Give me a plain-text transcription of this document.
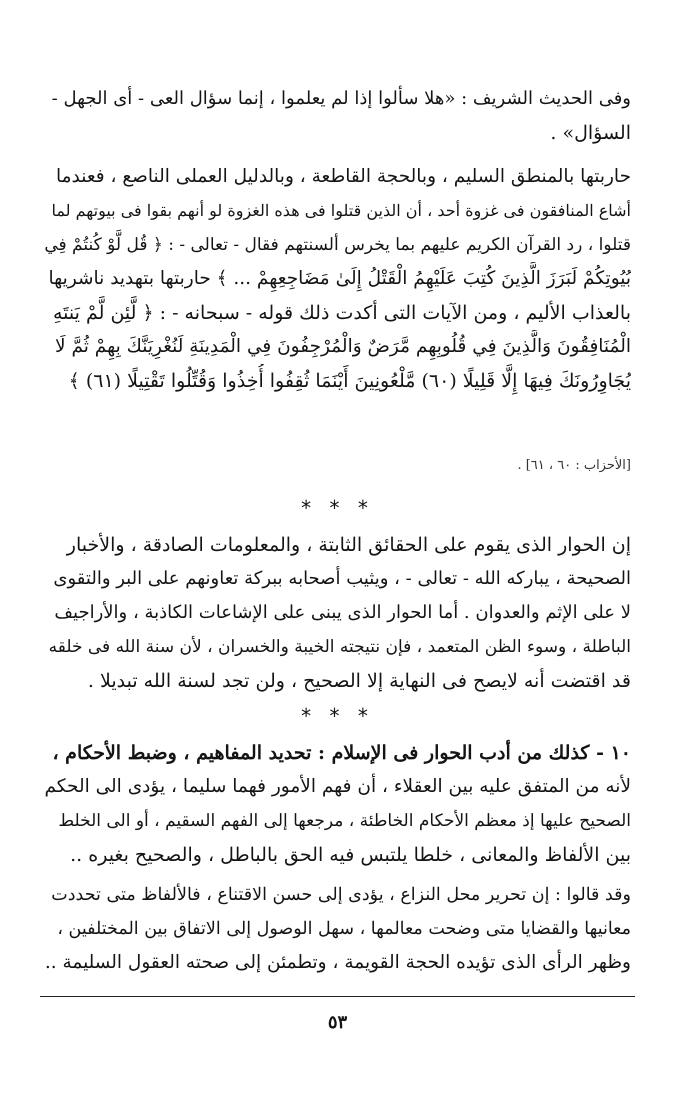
وفى الحديث الشريف : «هلا سألوا إذا لم يعلموا ، إنما سؤال العى - أى الجهل -
السؤال» .
حاربتها بالمنطق السليم ، وبالحجة القاطعة ، وبالدليل العملى الناصع ، فعندما
أشاع المنافقون فى غزوة أحد ، أن الذين قتلوا فى هذه الغزوة لو أنهم بقوا فى بيوتهم لما
قتلوا ، رد القرآن الكريم عليهم بما يخرس ألسنتهم فقال - تعالى - : ﴿ قُل لَّوْ كُنتُمْ فِي
بُيُوتِكُمْ لَبَرَزَ الَّذِينَ كُتِبَ عَلَيْهِمُ الْقَتْلُ إِلَىٰ مَضَاجِعِهِمْ ... ﴾ حاربتها بتهديد ناشريها
بالعذاب الأليم ، ومن الآيات التى أكدت ذلك قوله - سبحانه - : ﴿ لَّئِن لَّمْ يَنتَهِ
الْمُنَافِقُونَ وَالَّذِينَ فِي قُلُوبِهِم مَّرَضٌ وَالْمُرْجِفُونَ فِي الْمَدِينَةِ لَنُغْرِيَنَّكَ بِهِمْ ثُمَّ لَا
يُجَاوِرُونَكَ فِيهَا إِلَّا قَلِيلًا (٦٠) مَّلْعُونِينَ أَيْنَمَا ثُقِفُوا أُخِذُوا وَقُتِّلُوا تَقْتِيلًا (٦١) ﴾
[الأحزاب : ٦٠ ، ٦١] .
* * *
إن الحوار الذى يقوم على الحقائق الثابتة ، والمعلومات الصادقة ، والأخبار
الصحيحة ، يباركه الله - تعالى - ، ويثيب أصحابه ببركة تعاونهم على البر والتقوى
لا على الإثم والعدوان . أما الحوار الذى يبنى على الإشاعات الكاذبة ، والأراجيف
الباطلة ، وسوء الظن المتعمد ، فإن نتيجته الخيبة والخسران ، لأن سنة الله فى خلقه
قد اقتضت أنه لايصح فى النهاية إلا الصحيح ، ولن تجد لسنة الله تبديلا .
* * *
١٠ - كذلك من أدب الحوار فى الإسلام : تحديد المفاهيم ، وضبط الأحكام ،
لأنه من المتفق عليه بين العقلاء ، أن فهم الأمور فهما سليما ، يؤدى الى الحكم
الصحيح عليها إذ معظم الأحكام الخاطئة ، مرجعها إلى الفهم السقيم ، أو الى الخلط
بين الألفاظ والمعانى ، خلطا يلتبس فيه الحق بالباطل ، والصحيح بغيره ..
وقد قالوا : إن تحرير محل النزاع ، يؤدى إلى حسن الاقتناع ، فالألفاظ متى تحددت
معانيها والقضايا متى وضحت معالمها ، سهل الوصول إلى الاتفاق بين المختلفين ،
وظهر الرأى الذى تؤيده الحجة القويمة ، وتطمئن إلى صحته العقول السليمة ..
٥٣
